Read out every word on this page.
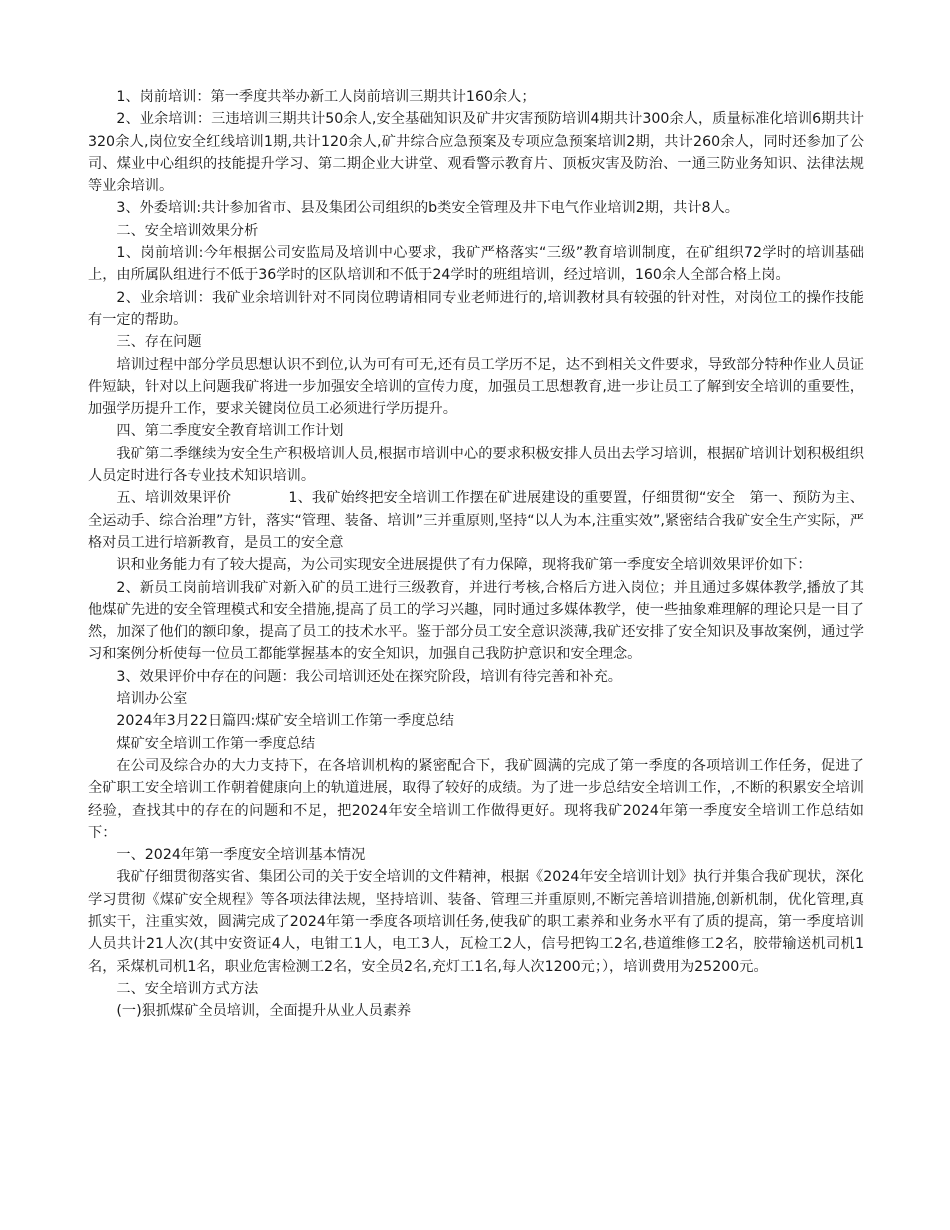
1、岗前培训：第一季度共举办新工人岗前培训三期共计160余人；

2、业余培训：三违培训三期共计50余人,安全基础知识及矿井灾害预防培训4期共计300余人，质量标准化培训6期共计320余人,岗位安全红线培训1期,共计120余人,矿井综合应急预案及专项应急预案培训2期，共计260余人，同时还参加了公司、煤业中心组织的技能提升学习、第二期企业大讲堂、观看警示教育片、顶板灾害及防治、一通三防业务知识、法律法规等业余培训。

3、外委培训:共计参加省市、县及集团公司组织的b类安全管理及井下电气作业培训2期，共计8人。

二、安全培训效果分析

1、岗前培训:今年根据公司安监局及培训中心要求，我矿严格落实“三级”教育培训制度，在矿组织72学时的培训基础上，由所属队组进行不低于36学时的区队培训和不低于24学时的班组培训，经过培训，160余人全部合格上岗。

2、业余培训：我矿业余培训针对不同岗位聘请相同专业老师进行的,培训教材具有较强的针对性，对岗位工的操作技能有一定的帮助。

三、存在问题

培训过程中部分学员思想认识不到位,认为可有可无,还有员工学历不足，达不到相关文件要求，导致部分特种作业人员证件短缺，针对以上问题我矿将进一步加强安全培训的宣传力度，加强员工思想教育,进一步让员工了解到安全培训的重要性，加强学历提升工作，要求关键岗位员工必须进行学历提升。

四、第二季度安全教育培训工作计划

我矿第二季继续为安全生产积极培训人员,根据市培训中心的要求积极安排人员出去学习培训，根据矿培训计划积极组织人员定时进行各专业技术知识培训。

五、培训效果评价　　　　1、我矿始终把安全培训工作摆在矿进展建设的重要置，仔细贯彻“安全　第一、预防为主、全运动手、综合治理”方针，落实“管理、装备、培训”三并重原则,坚持“以人为本,注重实效”,紧密结合我矿安全生产实际，严格对员工进行培新教育，是员工的安全意

识和业务能力有了较大提高，为公司实现安全进展提供了有力保障，现将我矿第一季度安全培训效果评价如下：

2、新员工岗前培训我矿对新入矿的员工进行三级教育，并进行考核,合格后方进入岗位；并且通过多媒体教学,播放了其他煤矿先进的安全管理模式和安全措施,提高了员工的学习兴趣，同时通过多媒体教学，使一些抽象难理解的理论只是一目了然，加深了他们的额印象，提高了员工的技术水平。鉴于部分员工安全意识淡薄,我矿还安排了安全知识及事故案例，通过学习和案例分析使每一位员工都能掌握基本的安全知识，加强自己我防护意识和安全理念。

3、效果评价中存在的问题：我公司培训还处在探究阶段，培训有待完善和补充。

培训办公室

2024年3月22日篇四:煤矿安全培训工作第一季度总结

煤矿安全培训工作第一季度总结

在公司及综合办的大力支持下，在各培训机构的紧密配合下，我矿圆满的完成了第一季度的各项培训工作任务，促进了全矿职工安全培训工作朝着健康向上的轨道进展，取得了较好的成绩。为了进一步总结安全培训工作，,不断的积累安全培训经验，查找其中的存在的问题和不足，把2024年安全培训工作做得更好。现将我矿2024年第一季度安全培训工作总结如下：

一、2024年第一季度安全培训基本情况

我矿仔细贯彻落实省、集团公司的关于安全培训的文件精神，根据《2024年安全培训计划》执行并集合我矿现状，深化学习贯彻《煤矿安全规程》等各项法律法规，坚持培训、装备、管理三并重原则,不断完善培训措施,创新机制，优化管理,真抓实干，注重实效，圆满完成了2024年第一季度各项培训任务,使我矿的职工素养和业务水平有了质的提高，第一季度培训人员共计21人次(其中安资证4人，电钳工1人，电工3人，瓦检工2人，信号把钩工2名,巷道维修工2名，胶带输送机司机1名，采煤机司机1名，职业危害检测工2名，安全员2名,充灯工1名,每人次1200元；），培训费用为25200元。

二、安全培训方式方法

(一)狠抓煤矿全员培训，全面提升从业人员素养
